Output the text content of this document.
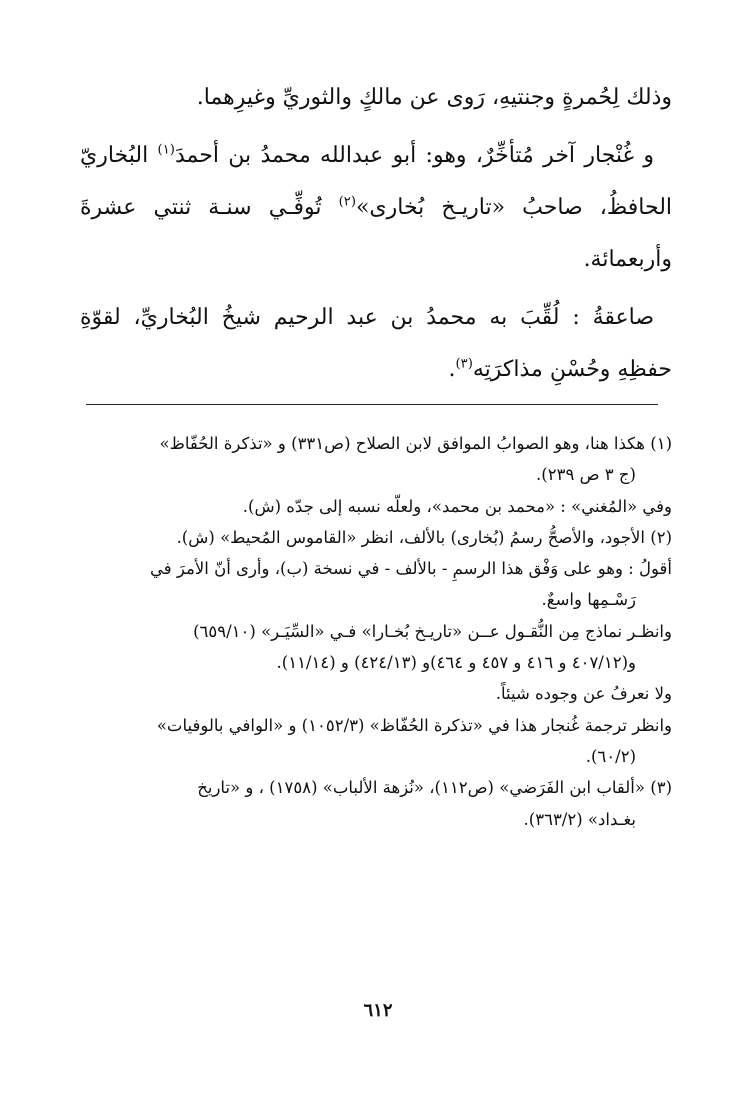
وذلك لِحُمرةٍ وجنتيهِ، رَوى عن مالكٍ والثوريِّ وغيرِهما.

و غُنْجار آخر مُتأخِّرٌ، وهو: أبو عبدالله محمدُ بن أحمدَ$^{(١)}$ البُخاريّ الحافظُ، صاحبُ «تاريـخ بُخارى»$^{(٢)}$ تُوفِّـي سنـة ثنتي عشرةَ وأربعمائة.

صاعقةُ : لُقِّبَ به محمدُ بن عبد الرحيم شيخُ البُخاريِّ، لقوّةِ حفظِهِ وحُسْنِ مذاكرَتِه$^{(٣)}$.

(١) هكذا هنا، وهو الصوابُ الموافق لابن الصلاح (ص٣٣١) و «تذكرة الحُفّاظ»

(ج ٣ ص ٢٣٩).

وفي «المُغني» : «محمد بن محمد»، ولعلّه نسبه إلى جدّه (ش).

(٢) الأجود، والأصحُّ رسمُ (بُخارى) بالألف، انظر «القاموس المُحيط» (ش).

أقولُ : وهو على وَفْق هذا الرسمِ - بالألف - في نسخة (ب)، وأرى أنّ الأمرَ في

رَسْـمِها واسعٌ.

وانظـر نماذج مِن النُّقـول عــن «تاريـخ بُخـارا» فـي «السِّيَـر» (٦٥٩/١٠)

و(٤٠٧/١٢ و ٤١٦ و ٤٥٧ و ٤٦٤)و (٤٢٤/١٣) و (١١/١٤).

ولا نعرفُ عن وجوده شيئاً.

وانظر ترجمة غُنجار هذا في «تذكرة الحُفّاظ» (١٠٥٢/٣) و «الوافي بالوفيات»

(٦٠/٢).

(٣) «ألقاب ابن الفَرَضي» (ص١١٢)، «نُزهة الألباب» (١٧٥٨) ، و «تاريخ

بغـداد» (٣٦٣/٢).

٦١٢
